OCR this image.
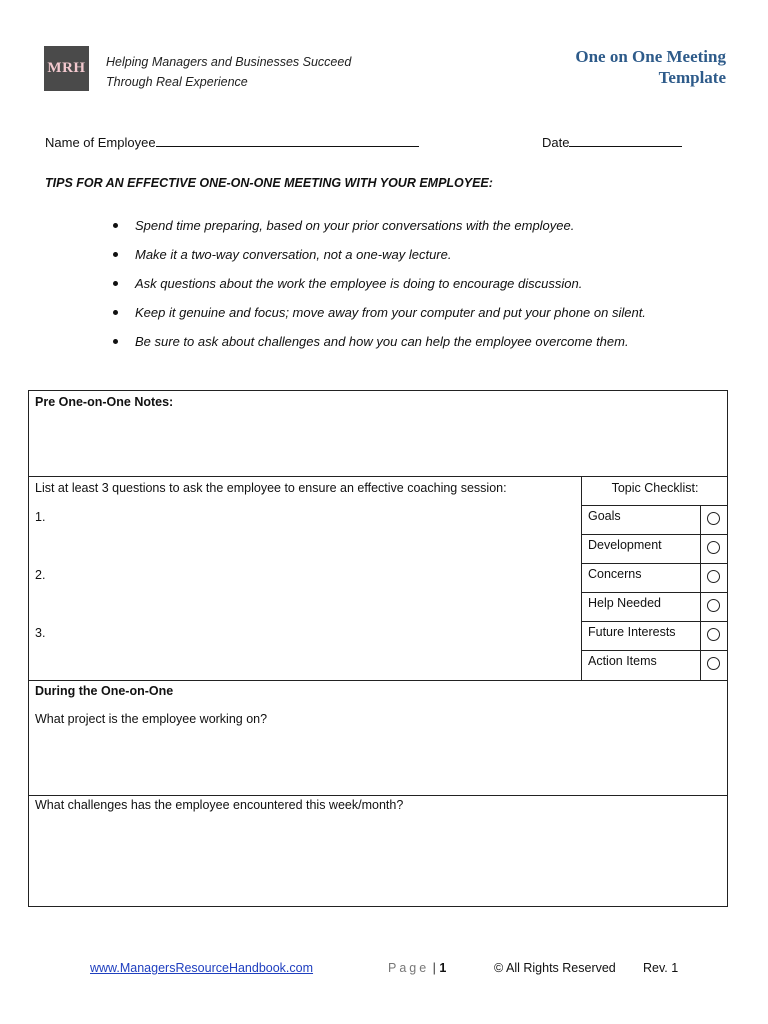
MRH Helping Managers and Businesses Succeed
Through Real Experience
One on One Meeting
Template
Name of Employee	Date
TIPS FOR AN EFFECTIVE ONE-ON-ONE MEETING WITH YOUR EMPLOYEE:
Spend time preparing, based on your prior conversations with the employee.
Make it a two-way conversation, not a one-way lecture.
Ask questions about the work the employee is doing to encourage discussion.
Keep it genuine and focus; move away from your computer and put your phone on silent.
Be sure to ask about challenges and how you can help the employee overcome them.
Pre One-on-One Notes:
List at least 3 questions to ask the employee to ensure an effective coaching session:
1.
2.
3.
Topic Checklist:
Goals
Development
Concerns
Help Needed
Future Interests
Action Items
During the One-on-One
What project is the employee working on?
What challenges has the employee encountered this week/month?
www.ManagersResourceHandbook.com	Page | 1	© All Rights Reserved Rev. 1
